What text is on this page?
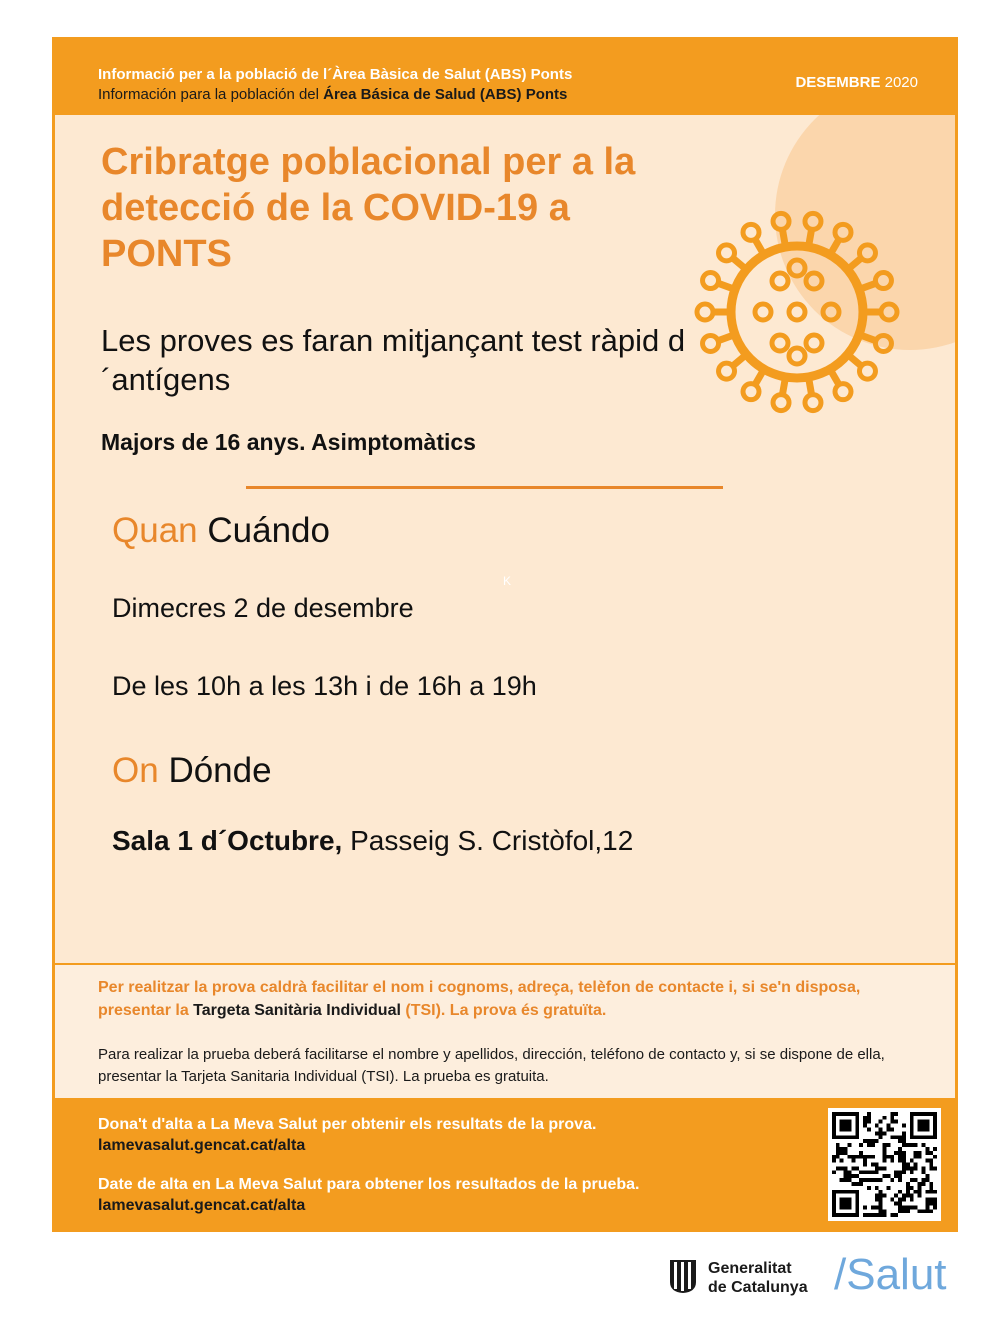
Informació per a la població de l´Àrea Bàsica de Salut (ABS) Ponts
Información para la población del Área Básica de Salud (ABS) Ponts
DESEMBRE 2020
Cribratge poblacional per a la detecció de la COVID-19 a PONTS

Les proves es faran mitjançant test ràpid d´antígens

Majors de 16 anys. Asimptomàtics
Quan Cuándo
K
Dimecres 2 de desembre
De les 10h a les 13h i de 16h a 19h
On Dónde
Sala 1 d´Octubre, Passeig S. Cristòfol,12
Per realitzar la prova caldrà facilitar el nom i cognoms, adreça, telèfon de contacte i, si se'n disposa, presentar la Targeta Sanitària Individual (TSI). La prova és gratuïta.
Para realizar la prueba deberá facilitarse el nombre y apellidos, dirección, teléfono de contacto y, si se dispone de ella, presentar la Tarjeta Sanitaria Individual (TSI). La prueba es gratuita.
Dona't d'alta a La Meva Salut per obtenir els resultats de la prova.
lamevasalut.gencat.cat/alta
Date de alta en La Meva Salut para obtener los resultados de la prueba.
lamevasalut.gencat.cat/alta
Generalitat
de Catalunya /Salut
